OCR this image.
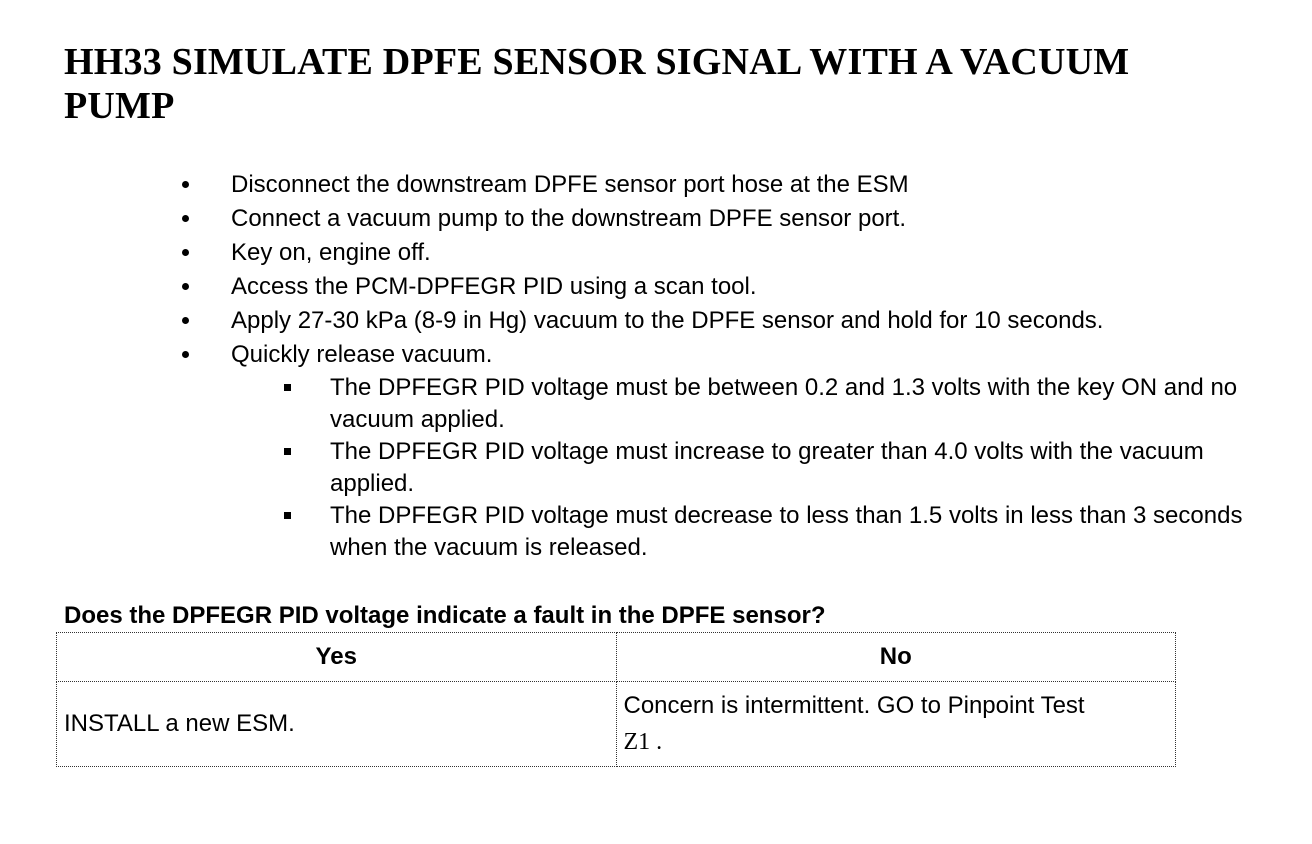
HH33 SIMULATE DPFE SENSOR SIGNAL WITH A VACUUM PUMP
Disconnect the downstream DPFE sensor port hose at the ESM
Connect a vacuum pump to the downstream DPFE sensor port.
Key on, engine off.
Access the PCM-DPFEGR PID using a scan tool.
Apply 27-30 kPa (8-9 in Hg) vacuum to the DPFE sensor and hold for 10 seconds.
Quickly release vacuum.
The DPFEGR PID voltage must be between 0.2 and 1.3 volts with the key ON and no vacuum applied.
The DPFEGR PID voltage must increase to greater than 4.0 volts with the vacuum applied.
The DPFEGR PID voltage must decrease to less than 1.5 volts in less than 3 seconds when the vacuum is released.

Does the DPFEGR PID voltage indicate a fault in the DPFE sensor?

Yes	No
INSTALL a new ESM.	Concern is intermittent. GO to Pinpoint Test
Z1 .
